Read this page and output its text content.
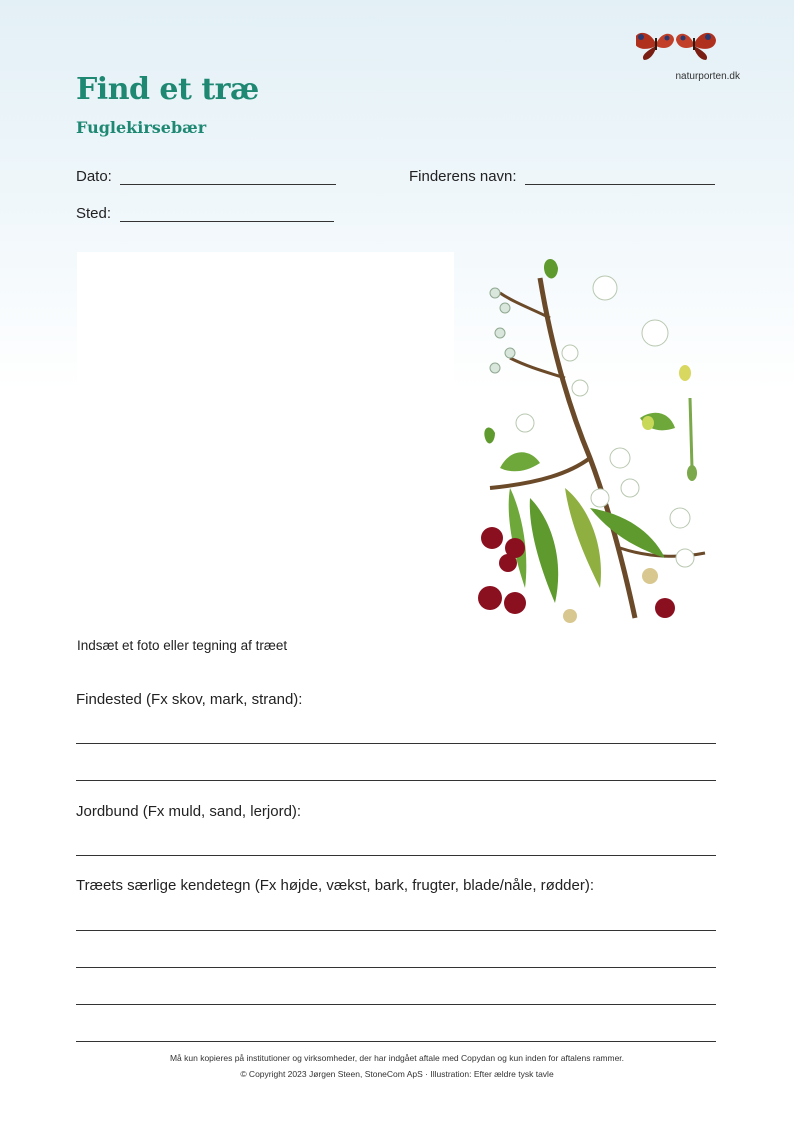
naturporten.dk
Find et træ
Fuglekirsebær
Dato:	Finderens navn:
Sted:
Indsæt et foto eller tegning af træet
Findested (Fx skov, mark, strand):
Jordbund (Fx muld, sand, lerjord):
Træets særlige kendetegn (Fx højde, vækst, bark, frugter, blade/nåle, rødder):
Må kun kopieres på institutioner og virksomheder, der har indgået aftale med Copydan og kun inden for aftalens rammer.
© Copyright 2023 Jørgen Steen, StoneCom ApS · Illustration: Efter ældre tysk tavle
